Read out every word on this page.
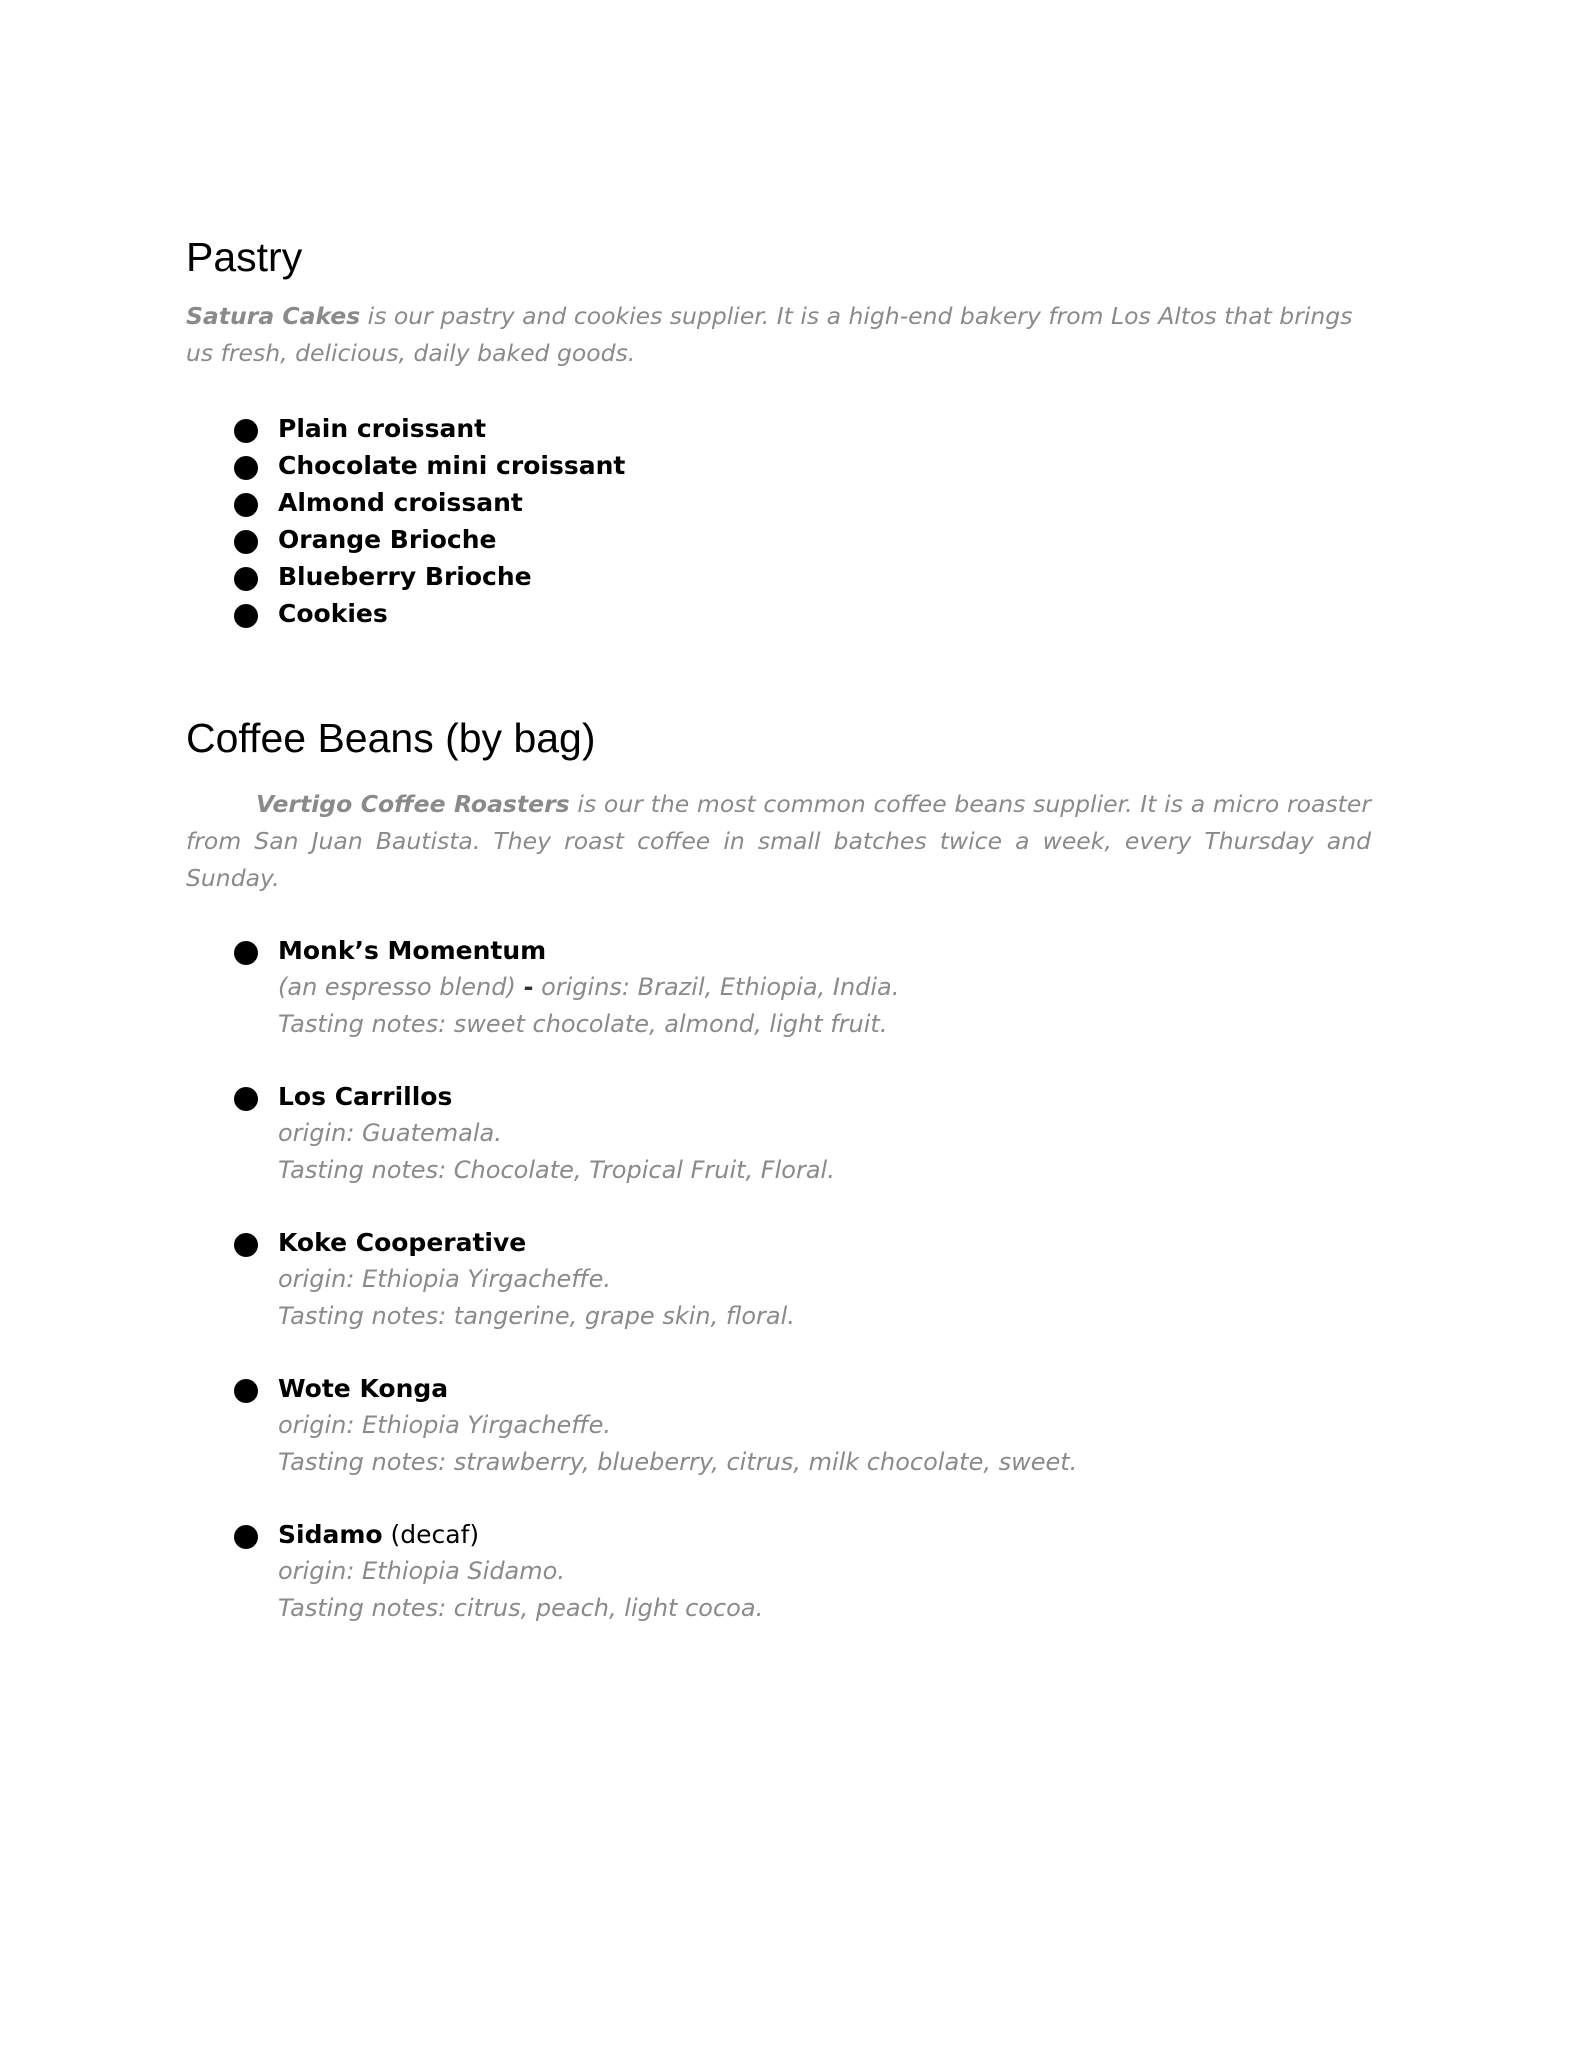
Pastry

Satura Cakes is our pastry and cookies supplier. It is a high-end bakery from Los Altos that brings us fresh, delicious, daily baked goods.

Plain croissant
Chocolate mini croissant
Almond croissant
Orange Brioche
Blueberry Brioche
Cookies
Coffee Beans (by bag)

Vertigo Coffee Roasters is our the most common coffee beans supplier. It is a micro roaster from San Juan Bautista. They roast coffee in small batches twice a week, every Thursday and Sunday.

Monk’s Momentum
(an espresso blend) - origins: Brazil, Ethiopia, India.
Tasting notes: sweet chocolate, almond, light fruit.
Los Carrillos
origin: Guatemala.
Tasting notes: Chocolate, Tropical Fruit, Floral.
Koke Cooperative
origin: Ethiopia Yirgacheffe.
Tasting notes: tangerine, grape skin, floral.
Wote Konga
origin: Ethiopia Yirgacheffe.
Tasting notes: strawberry, blueberry, citrus, milk chocolate, sweet.
Sidamo (decaf)
origin: Ethiopia Sidamo.
Tasting notes: citrus, peach, light cocoa.
